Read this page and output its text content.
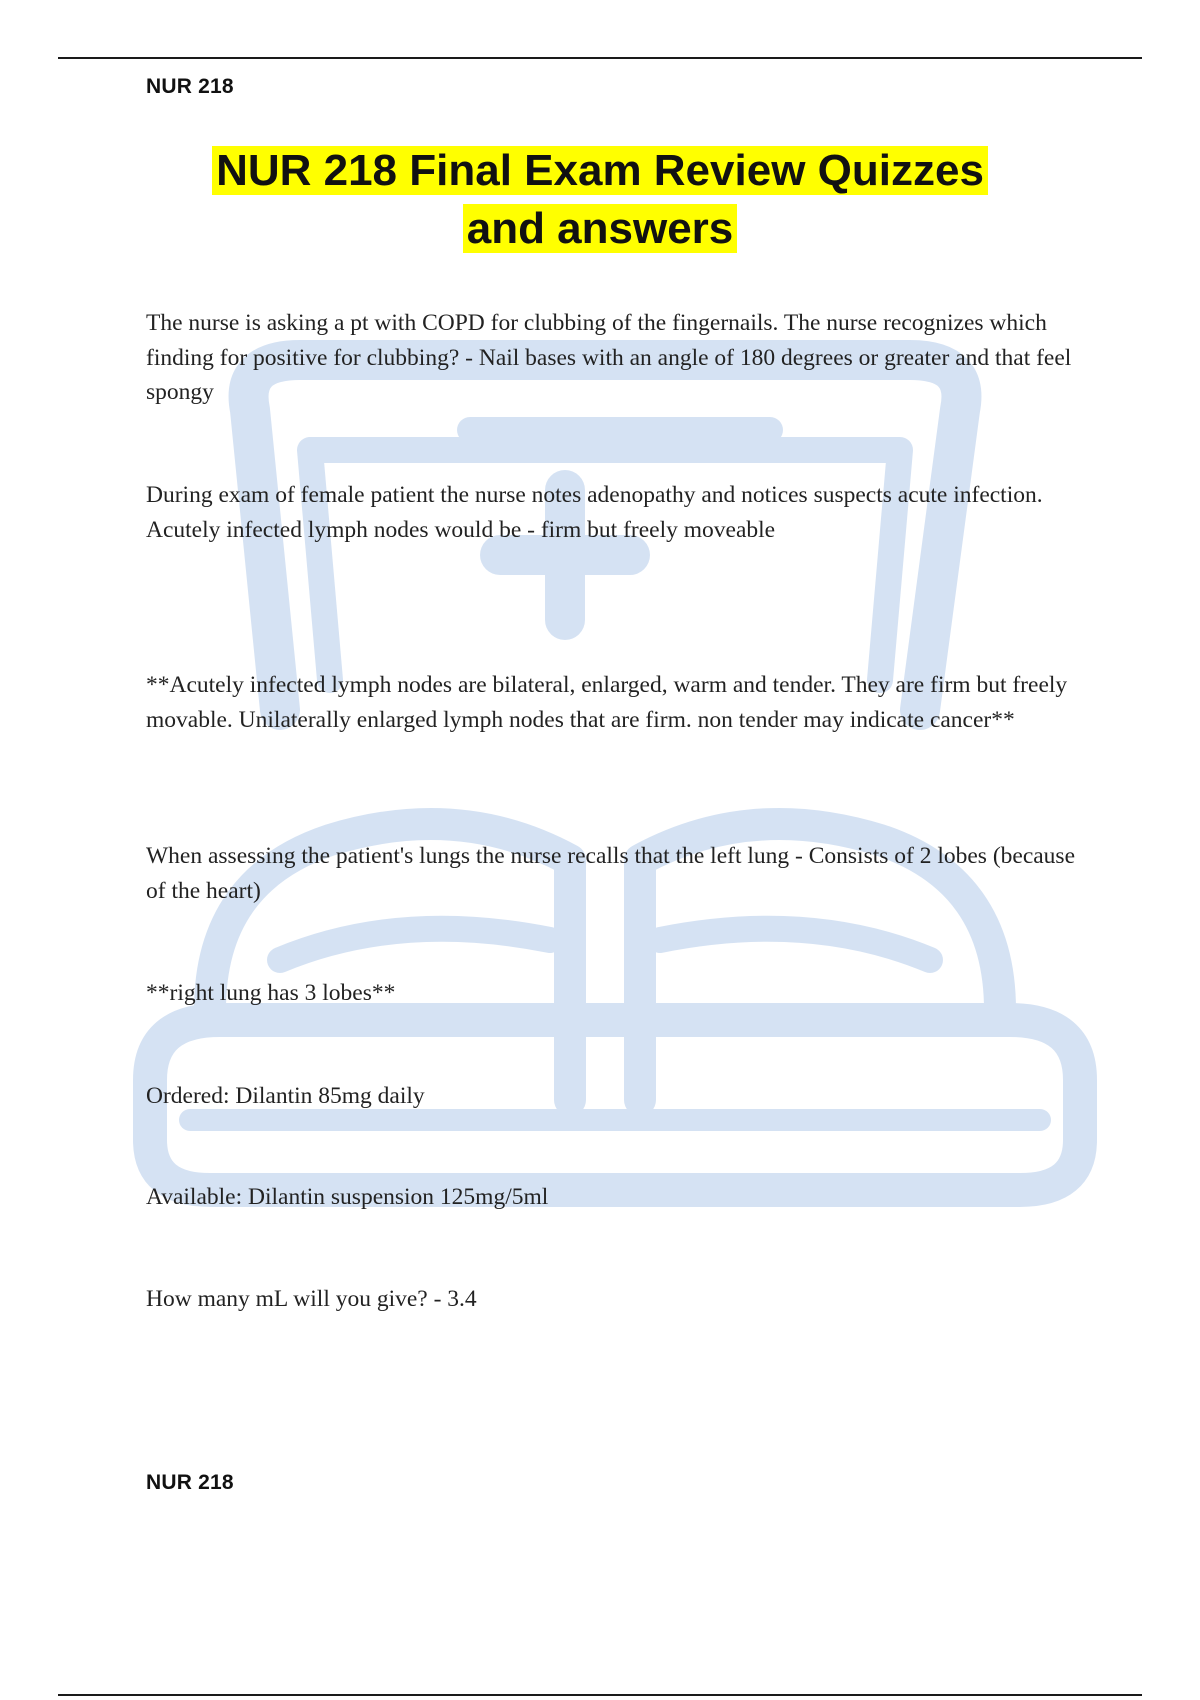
NUR 218
NUR 218 Final Exam Review Quizzes
and answers

The nurse is asking a pt with COPD for clubbing of the fingernails. The nurse recognizes which finding for positive for clubbing? - Nail bases with an angle of 180 degrees or greater and that feel spongy

During exam of female patient the nurse notes adenopathy and notices suspects acute infection. Acutely infected lymph nodes would be - firm but freely moveable

**Acutely infected lymph nodes are bilateral, enlarged, warm and tender. They are firm but freely movable. Unilaterally enlarged lymph nodes that are firm. non tender may indicate cancer**

When assessing the patient's lungs the nurse recalls that the left lung - Consists of 2 lobes (because of the heart)

**right lung has 3 lobes**

Ordered: Dilantin 85mg daily

Available: Dilantin suspension 125mg/5ml

How many mL will you give? - 3.4

NUR 218
